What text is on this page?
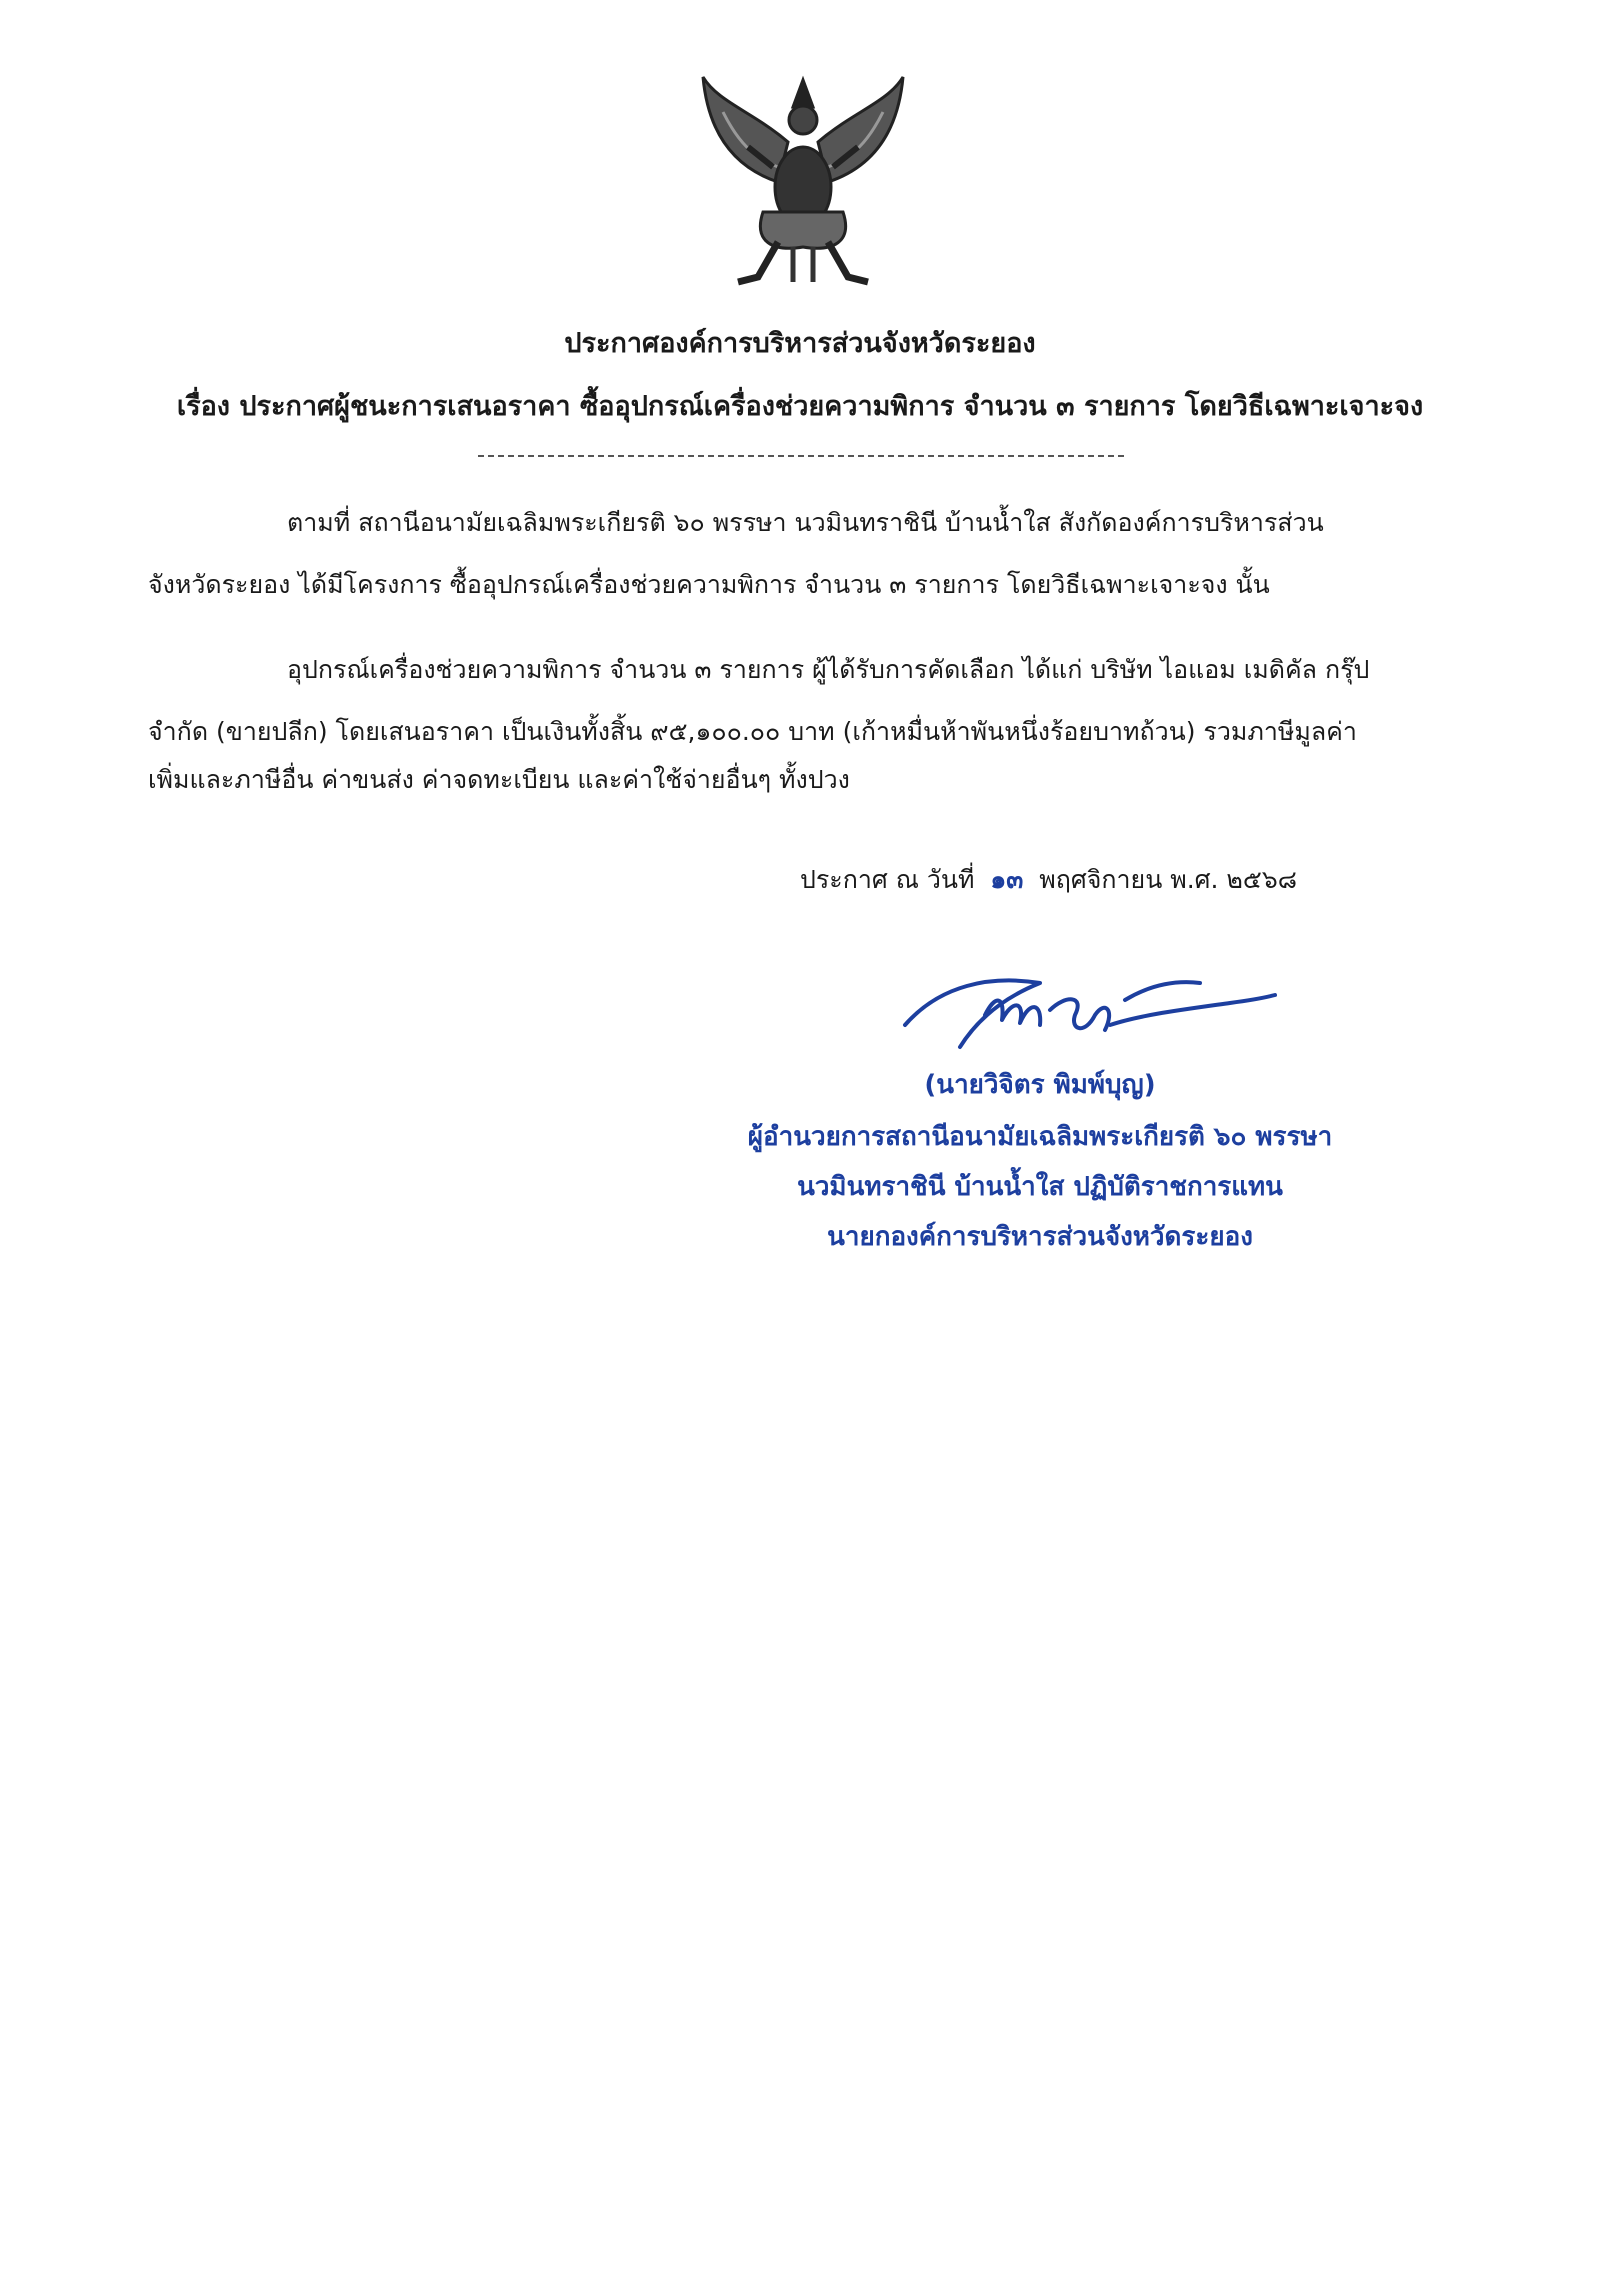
ประกาศองค์การบริหารส่วนจังหวัดระยอง
เรื่อง ประกาศผู้ชนะการเสนอราคา ซื้ออุปกรณ์เครื่องช่วยความพิการ จำนวน ๓ รายการ โดยวิธีเฉพาะเจาะจง
ตามที่ สถานีอนามัยเฉลิมพระเกียรติ ๖๐ พรรษา นวมินทราชินี บ้านน้ำใส สังกัดองค์การบริหารส่วน
จังหวัดระยอง ได้มีโครงการ ซื้ออุปกรณ์เครื่องช่วยความพิการ จำนวน ๓ รายการ โดยวิธีเฉพาะเจาะจง นั้น
อุปกรณ์เครื่องช่วยความพิการ จำนวน ๓ รายการ ผู้ได้รับการคัดเลือก ได้แก่ บริษัท ไอแอม เมดิคัล กรุ๊ป
จำกัด (ขายปลีก) โดยเสนอราคา เป็นเงินทั้งสิ้น ๙๕,๑๐๐.๐๐ บาท (เก้าหมื่นห้าพันหนึ่งร้อยบาทถ้วน) รวมภาษีมูลค่า
เพิ่มและภาษีอื่น ค่าขนส่ง ค่าจดทะเบียน และค่าใช้จ่ายอื่นๆ ทั้งปวง
ประกาศ ณ วันที่ ๑๓ พฤศจิกายน พ.ศ. ๒๕๖๘
(นายวิจิตร พิมพ์บุญ)
ผู้อำนวยการสถานีอนามัยเฉลิมพระเกียรติ ๖๐ พรรษา
นวมินทราชินี บ้านน้ำใส ปฏิบัติราชการแทน
นายกองค์การบริหารส่วนจังหวัดระยอง
